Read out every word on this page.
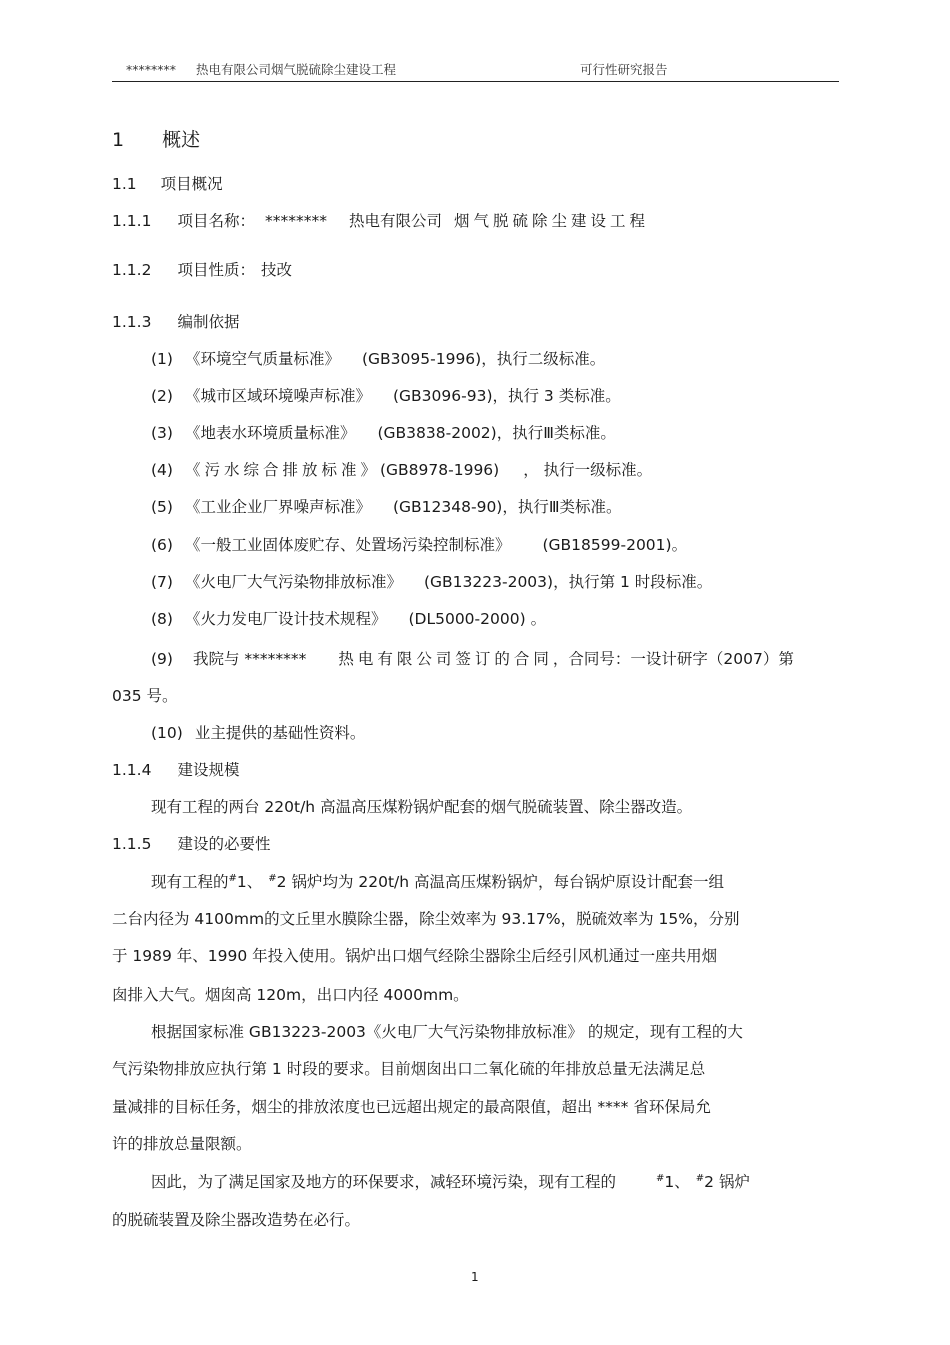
******** 热电有限公司烟气脱硫除尘建设工程	可行性研究报告
1 概述
1.1 项目概况
1.1.1 项目名称： ******** 热电有限公司 烟气脱硫除尘建设工程
1.1.2 项目性质： 技改
1.1.3 编制依据
(1) 《环境空气质量标准》 (GB3095-1996)，执行二级标准。
(2) 《城市区域环境噪声标准》 (GB3096-93)，执行 3 类标准。
(3) 《地表水环境质量标准》 (GB3838-2002)，执行Ⅲ类标准。
(4) 《污水综合排放标准》(GB8978-1996) ， 执行一级标准。
(5) 《工业企业厂界噪声标准》 (GB12348-90)，执行Ⅲ类标准。
(6) 《一般工业固体废贮存、处置场污染控制标准》 (GB18599-2001)。
(7) 《火电厂大气污染物排放标准》 (GB13223-2003)，执行第 1 时段标准。
(8) 《火力发电厂设计技术规程》 (DL5000-2000) 。
(9) 我院与 ******** 热电有限公司签订的合同，合同号：一设计研字（2007）第
035 号。
(10) 业主提供的基础性资料。
1.1.4 建设规模
现有工程的两台 220t/h 高温高压煤粉锅炉配套的烟气脱硫装置、除尘器改造。
1.1.5 建设的必要性
现有工程的#1、 #2 锅炉均为 220t/h 高温高压煤粉锅炉，每台锅炉原设计配套一组
二台内径为 4100mm的文丘里水膜除尘器，除尘效率为 93.17%，脱硫效率为 15%，分别
于 1989 年、1990 年投入使用。锅炉出口烟气经除尘器除尘后经引风机通过一座共用烟
囱排入大气。烟囱高 120m，出口内径 4000mm。
根据国家标准 GB13223-2003《火电厂大气污染物排放标准》 的规定，现有工程的大
气污染物排放应执行第 1 时段的要求。目前烟囱出口二氧化硫的年排放总量无法满足总
量减排的目标任务，烟尘的排放浓度也已远超出规定的最高限值，超出 **** 省环保局允
许的排放总量限额。
因此，为了满足国家及地方的环保要求，减轻环境污染，现有工程的	#1、 #2 锅炉
的脱硫装置及除尘器改造势在必行。
1
